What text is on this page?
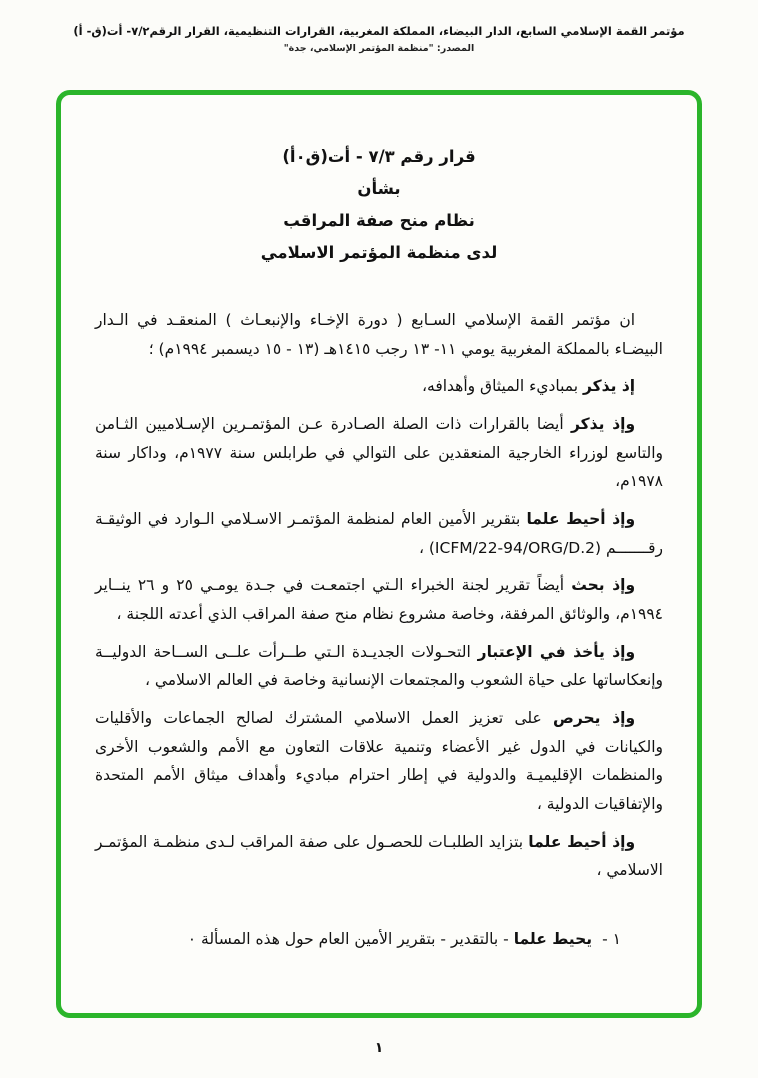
مؤتمر القمة الإسلامي السابع، الدار البيضاء، المملكة المغربية، القرارات التنظيمية، القرار الرقم٧/٢- أت(ق- أ)
المصدر: "منظمة المؤتمر الإسلامي، جدة"
قرار رقم ٧/٣ - أت(ق٠أ)
بشأن
نظام منح صفة المراقب
لدى منظمة المؤتمر الاسلامي

ان مؤتمر القمة الإسلامي السـابع ( دورة الإخـاء والإنبعـاث ) المنعقـد في الـدار البيضـاء بالمملكة المغربية يومي ١١- ١٣ رجب ١٤١٥هـ (١٣ - ١٥ ديسمبر ١٩٩٤م) ؛

إذ يذكر بمباديء الميثاق وأهدافه،

وإذ يذكر أيضا بالقرارات ذات الصلة الصـادرة عـن المؤتمـرين الإسـلاميين الثـامن والتاسع لوزراء الخارجية المنعقدين على التوالي في طرابلس سنة ١٩٧٧م، وداكار سنة ١٩٧٨م،

وإذ أحيط علما بتقرير الأمين العام لمنظمة المؤتمـر الاسـلامي الـوارد في الوثيقـة رقـــــــم (ICFM/22-94/ORG/D.2) ،

وإذ بحث أيضاً تقرير لجنة الخبراء الـتي اجتمعـت في جـدة يومـي ٢٥ و ٢٦ ينــاير ١٩٩٤م، والوثائق المرفقة، وخاصة مشروع نظام منح صفة المراقب الذي أعدته اللجنة ،

وإذ يأخذ في الإعتبار التحـولات الجديـدة الـتي طــرأت علــى الســاحة الدوليــة وإنعكاساتها على حياة الشعوب والمجتمعات الإنسانية وخاصة في العالم الاسلامي ،

وإذ يحرص على تعزيز العمل الاسلامي المشترك لصالح الجماعات والأقليات والكيانات في الدول غير الأعضاء وتنمية علاقات التعاون مع الأمم والشعوب الأخرى والمنظمات الإقليميـة والدولية في إطار احترام مباديء وأهداف ميثاق الأمم المتحدة والإتفاقيات الدولية ،

وإذ أحيط علما بتزايد الطلبـات للحصـول على صفة المراقب لـدى منظمـة المؤتمـر الاسلامي ،

١ -يحيط علما - بالتقدير - بتقرير الأمين العام حول هذه المسألة ٠

١
